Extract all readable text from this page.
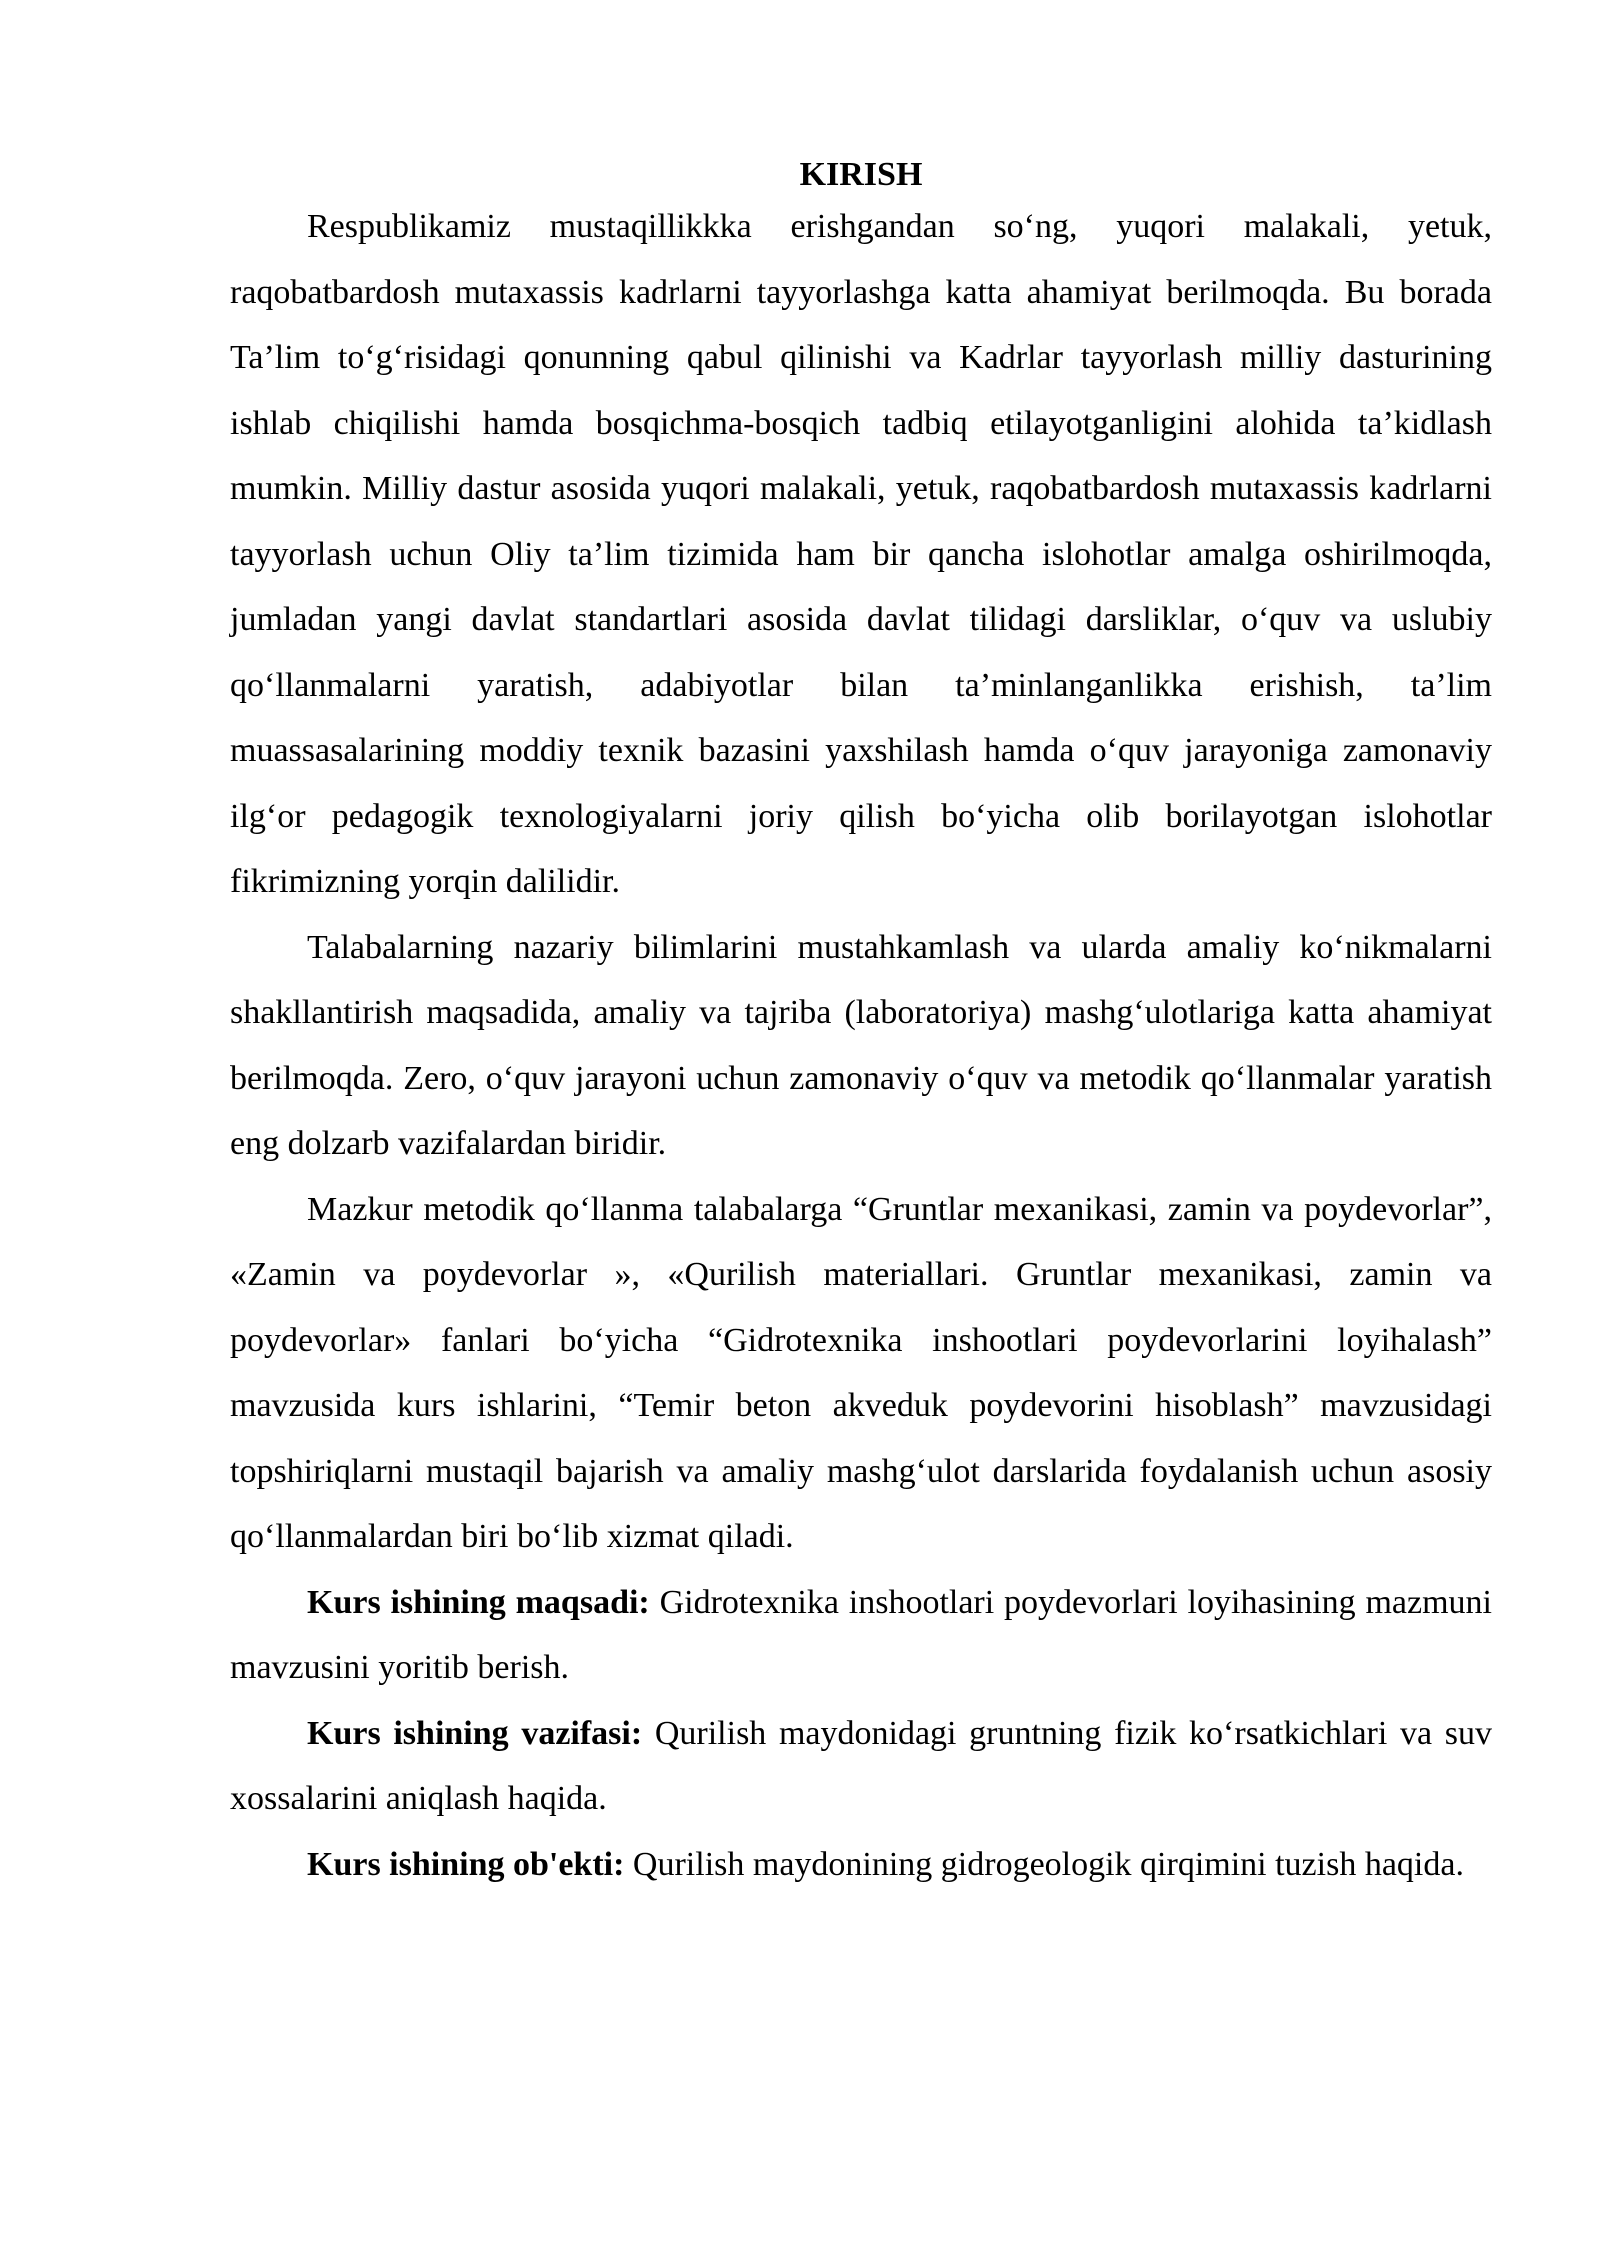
KIRISH

Respublikamiz mustaqillikkka erishgandan so‘ng, yuqori malakali, yetuk, raqobatbardosh mutaxassis kadrlarni tayyorlashga katta ahamiyat berilmoqda. Bu borada Ta’lim to‘g‘risidagi qonunning qabul qilinishi va Kadrlar tayyorlash milliy dasturining ishlab chiqilishi hamda bosqichma-bosqich tadbiq etilayotganligini alohida ta’kidlash mumkin. Milliy dastur asosida yuqori malakali, yetuk, raqobatbardosh mutaxassis kadrlarni tayyorlash uchun Oliy ta’lim tizimida ham bir qancha islohotlar amalga oshirilmoqda, jumladan yangi davlat standartlari asosida davlat tilidagi darsliklar, o‘quv va uslubiy qo‘llanmalarni yaratish, adabiyotlar bilan ta’minlanganlikka erishish, ta’lim muassasalarining moddiy texnik bazasini yaxshilash hamda o‘quv jarayoniga zamonaviy ilg‘or pedagogik texnologiyalarni joriy qilish bo‘yicha olib borilayotgan islohotlar fikrimizning yorqin dalilidir.

Talabalarning nazariy bilimlarini mustahkamlash va ularda amaliy ko‘nikmalarni shakllantirish maqsadida, amaliy va tajriba (laboratoriya) mashg‘ulotlariga katta ahamiyat berilmoqda. Zero, o‘quv jarayoni uchun zamonaviy o‘quv va metodik qo‘llanmalar yaratish eng dolzarb vazifalardan biridir.

Mazkur metodik qo‘llanma talabalarga “Gruntlar mexanikasi, zamin va poydevorlar”, «Zamin va poydevorlar », «Qurilish materiallari. Gruntlar mexanikasi, zamin va poydevorlar» fanlari bo‘yicha “Gidrotexnika inshootlari poydevorlarini loyihalash” mavzusida kurs ishlarini, “Temir beton akveduk poydevorini hisoblash” mavzusidagi topshiriqlarni mustaqil bajarish va amaliy mashg‘ulot darslarida foydalanish uchun asosiy qo‘llanmalardan biri bo‘lib xizmat qiladi.

Kurs ishining maqsadi: Gidrotexnika inshootlari poydevorlari loyihasining mazmuni mavzusini yoritib berish.

Kurs ishining vazifasi: Qurilish maydonidagi gruntning fizik ko‘rsatkichlari va suv xossalarini aniqlash haqida.

Kurs ishining ob'ekti: Qurilish maydonining gidrogeologik qirqimini tuzish haqida.
